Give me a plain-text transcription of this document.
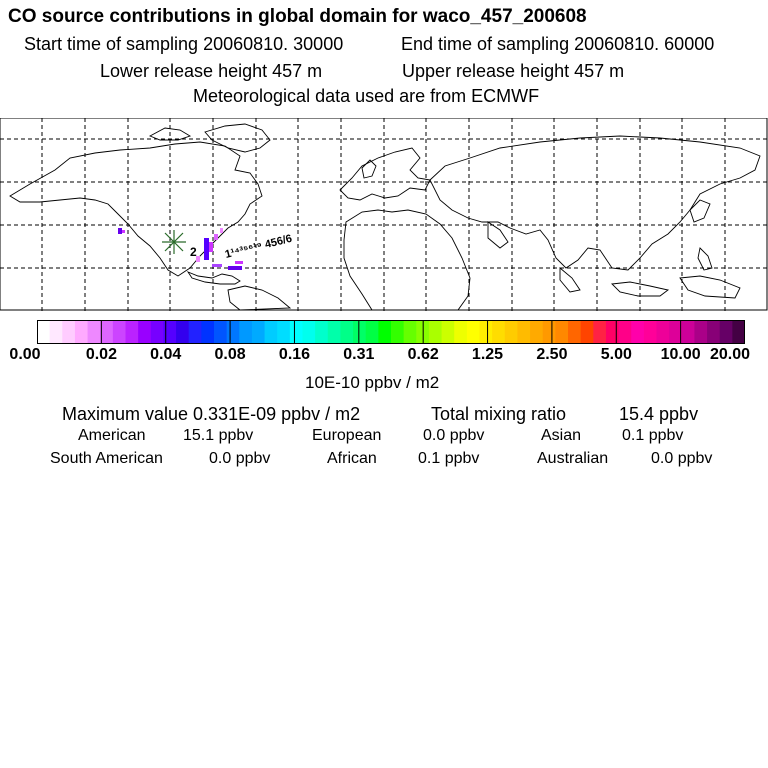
CO source contributions in global domain for waco_457_200608
Start time of sampling 20060810. 30000	End time of sampling 20060810. 60000
Lower release height 457 m	Upper release height 457 m
Meteorological data used are from ECMWF
2 1¹⁴³⁵⁶¹⁹ 456/6
0.00	0.02 0.04 0.08 0.16 0.31 0.62 1.25 2.50 5.00 10.00 20.00
10E-10 ppbv / m2
Maximum value 0.331E-09 ppbv / m2	Total mixing ratio	15.4 ppbv
American 15.1 ppbv	European	0.0 ppbv	Asian	0.1 ppbv
South American	0.0 ppbv	African	0.1 ppbv	Australian	0.0 ppbv
